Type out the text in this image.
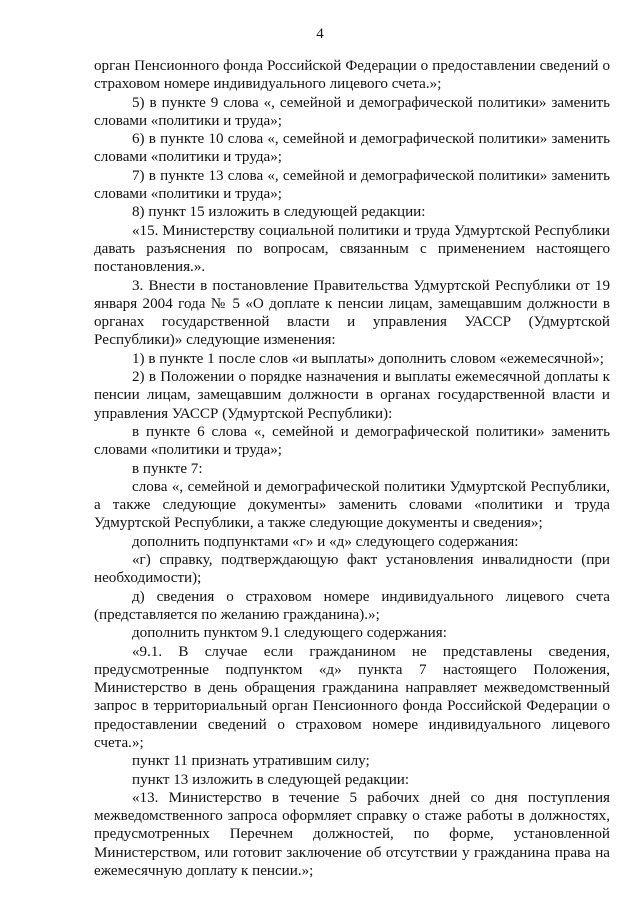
4

орган Пенсионного фонда Российской Федерации о предоставлении сведений о страховом номере индивидуального лицевого счета.»;

5) в пункте 9 слова «, семейной и демографической политики» заменить словами «политики и труда»;

6) в пункте 10 слова «, семейной и демографической политики» заменить словами «политики и труда»;

7) в пункте 13 слова «, семейной и демографической политики» заменить словами «политики и труда»;

8) пункт 15 изложить в следующей редакции:

«15. Министерству социальной политики и труда Удмуртской Республики давать разъяснения по вопросам, связанным с применением настоящего постановления.».

3. Внести в постановление Правительства Удмуртской Республики от 19 января 2004 года № 5 «О доплате к пенсии лицам, замещавшим должности в органах государственной власти и управления УАССР (Удмуртской Республики)» следующие изменения:

1) в пункте 1 после слов «и выплаты» дополнить словом «ежемесячной»;

2) в Положении о порядке назначения и выплаты ежемесячной доплаты к пенсии лицам, замещавшим должности в органах государственной власти и управления УАССР (Удмуртской Республики):

в пункте 6 слова «, семейной и демографической политики» заменить словами «политики и труда»;

в пункте 7:

слова «, семейной и демографической политики Удмуртской Республики, а также следующие документы» заменить словами «политики и труда Удмуртской Республики, а также следующие документы и сведения»;

дополнить подпунктами «г» и «д» следующего содержания:

«г) справку, подтверждающую факт установления инвалидности (при необходимости);

д) сведения о страховом номере индивидуального лицевого счета (представляется по желанию гражданина).»;

дополнить пунктом 9.1 следующего содержания:

«9.1. В случае если гражданином не представлены сведения, предусмотренные подпунктом «д» пункта 7 настоящего Положения, Министерство в день обращения гражданина направляет межведомственный запрос в территориальный орган Пенсионного фонда Российской Федерации о предоставлении сведений о страховом номере индивидуального лицевого счета.»;

пункт 11 признать утратившим силу;

пункт 13 изложить в следующей редакции:

«13. Министерство в течение 5 рабочих дней со дня поступления межведомственного запроса оформляет справку о стаже работы в должностях, предусмотренных Перечнем должностей, по форме, установленной Министерством, или готовит заключение об отсутствии у гражданина права на ежемесячную доплату к пенсии.»;
